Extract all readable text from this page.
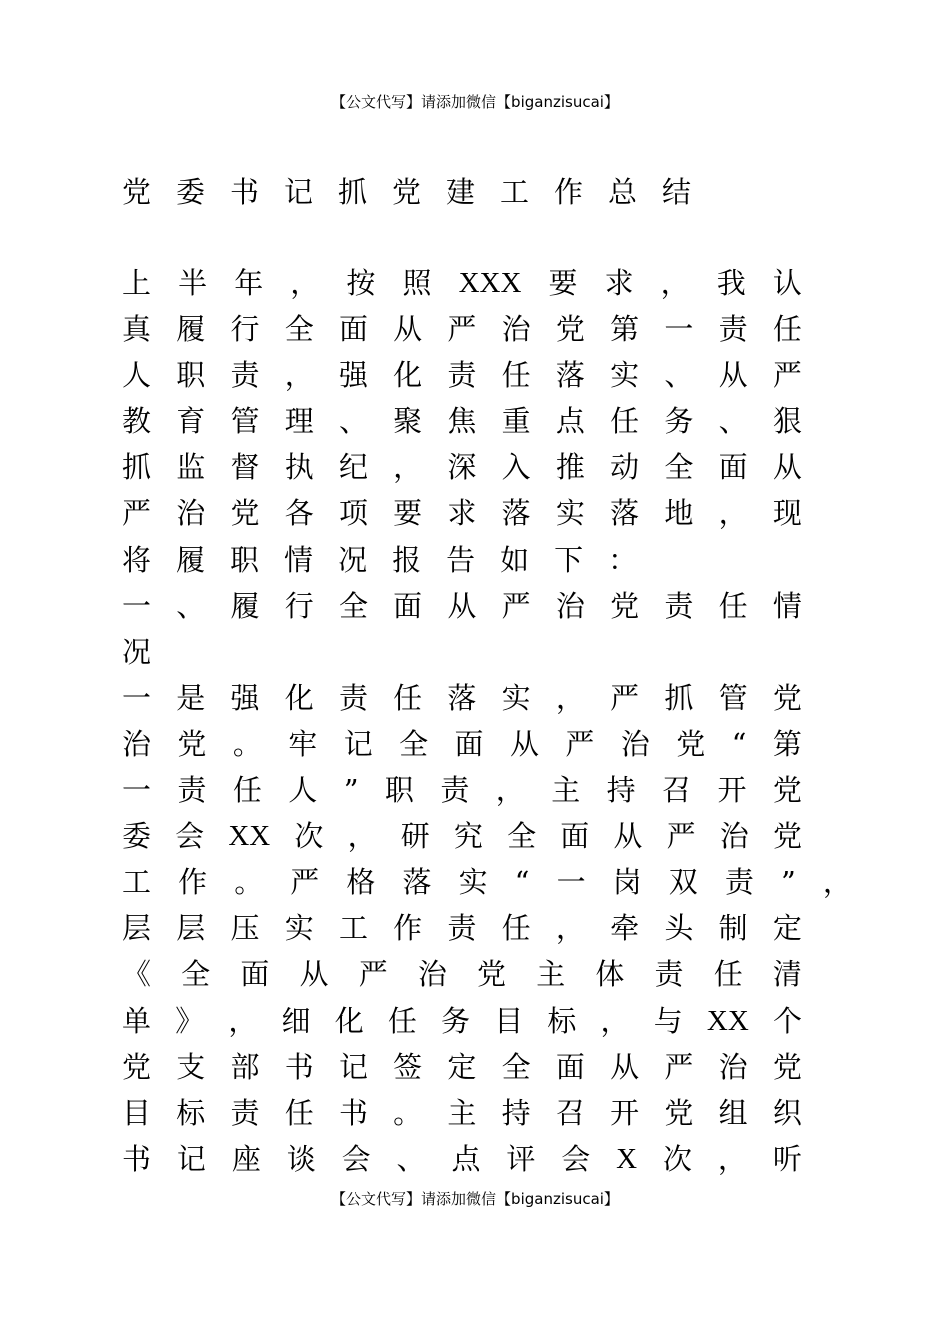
【公文代写】请添加微信【biganzisucai】
党委书记抓党建工作总结
上 半 年 ， 按 照 XXX 要 求 ， 我 认
真 履 行 全 面 从 严 治 党 第 一 责 任
人 职 责 ， 强 化 责 任 落 实 、 从 严
教 育 管 理 、 聚 焦 重 点 任 务 、 狠
抓 监 督 执 纪 ， 深 入 推 动 全 面 从
严 治 党 各 项 要 求 落 实 落 地 ， 现
将 履 职 情 况 报 告 如 下 ：
一 、 履 行 全 面 从 严 治 党 责 任 情
况
一 是 强 化 责 任 落 实 ， 严 抓 管 党
治 党 。 牢 记 全 面 从 严 治 党 “ 第
一 责 任 人 ” 职 责 ， 主 持 召 开 党
委 会 XX 次 ， 研 究 全 面 从 严 治 党
工 作 。 严 格 落 实 “ 一 岗 双 责 ” ，
层 层 压 实 工 作 责 任 ， 牵 头 制 定
《 全 面 从 严 治 党 主 体 责 任 清
单 》 ， 细 化 任 务 目 标 ， 与 XX 个
党 支 部 书 记 签 定 全 面 从 严 治 党
目 标 责 任 书 。 主 持 召 开 党 组 织
书 记 座 谈 会 、 点 评 会 X 次 ， 听
【公文代写】请添加微信【biganzisucai】
